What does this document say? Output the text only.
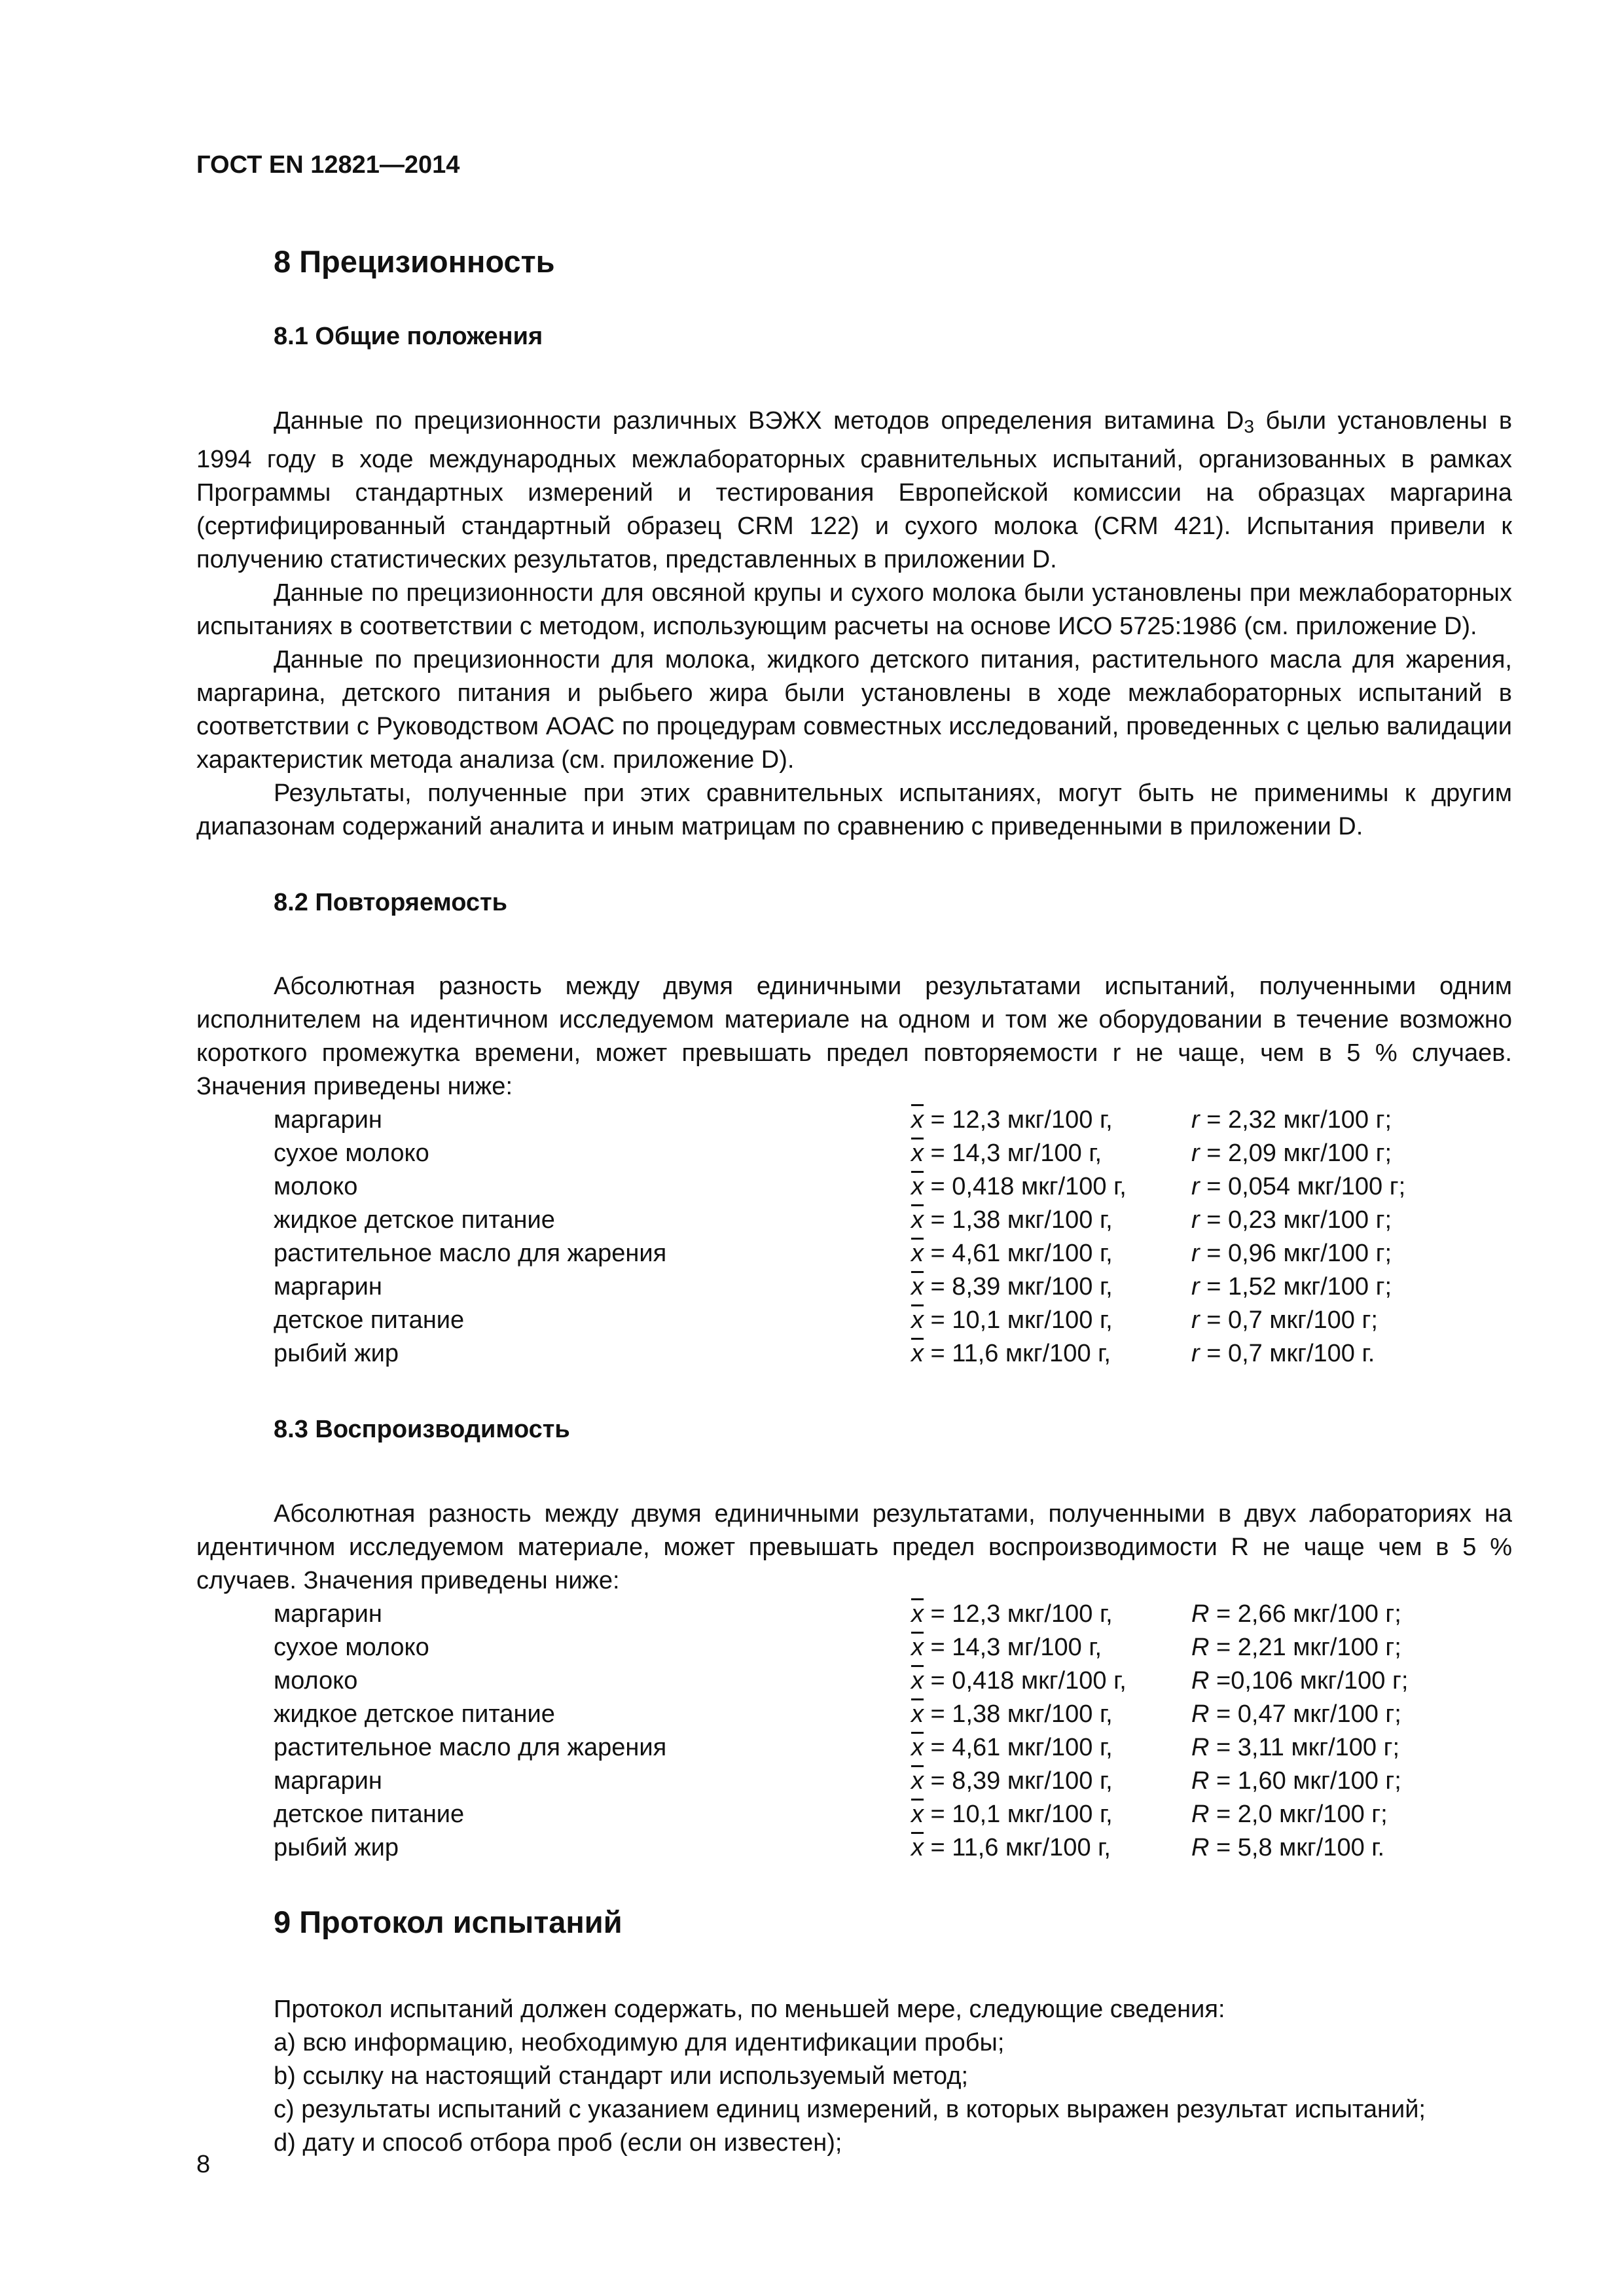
ГОСТ EN 12821—2014
8 Прецизионность
8.1 Общие положения

Данные по прецизионности различных ВЭЖХ методов определения витамина $D_3$ были установлены в 1994 году в ходе международных межлабораторных сравнительных испытаний, организованных в рамках Программы стандартных измерений и тестирования Европейской комиссии на образцах маргарина (сертифицированный стандартный образец CRM 122) и сухого молока (CRM 421). Испытания привели к получению статистических результатов, представленных в приложении D.

Данные по прецизионности для овсяной крупы и сухого молока были установлены при межлабораторных испытаниях в соответствии с методом, использующим расчеты на основе ИСО 5725:1986 (см. приложение D).

Данные по прецизионности для молока, жидкого детского питания, растительного масла для жарения, маргарина, детского питания и рыбьего жира были установлены в ходе межлабораторных испытаний в соответствии с Руководством АОАС по процедурам совместных исследований, проведенных с целью валидации характеристик метода анализа (см. приложение D).

Результаты, полученные при этих сравнительных испытаниях, могут быть не применимы к другим диапазонам содержаний аналита и иным матрицам по сравнению с приведенными в приложении D.

8.2 Повторяемость

Абсолютная разность между двумя единичными результатами испытаний, полученными одним исполнителем на идентичном исследуемом материале на одном и том же оборудовании в течение возможно короткого промежутка времени, может превышать предел повторяемости r не чаще, чем в 5 % случаев. Значения приведены ниже:

маргарин	$\overline{x} = 12,3$ мкг/100 г,	r = 2,32 мкг/100 г;
сухое молоко	$\overline{x} = 14,3$ мг/100 г,	r = 2,09 мкг/100 г;
молоко	$\overline{x} = 0,418$ мкг/100 г,	r = 0,054 мкг/100 г;
жидкое детское питание	$\overline{x} = 1,38$ мкг/100 г,	r = 0,23 мкг/100 г;
растительное масло для жарения	$\overline{x} = 4,61$ мкг/100 г,	r = 0,96 мкг/100 г;
маргарин	$\overline{x} = 8,39$ мкг/100 г,	r = 1,52 мкг/100 г;
детское питание	$\overline{x} = 10,1$ мкг/100 г,	r = 0,7 мкг/100 г;
рыбий жир	$\overline{x} = 11,6$ мкг/100 г,	r = 0,7 мкг/100 г.
8.3 Воспроизводимость

Абсолютная разность между двумя единичными результатами, полученными в двух лабораториях на идентичном исследуемом материале, может превышать предел воспроизводимости R не чаще чем в 5 % случаев. Значения приведены ниже:

маргарин	$\overline{x} = 12,3$ мкг/100 г,	R = 2,66 мкг/100 г;
сухое молоко	$\overline{x} = 14,3$ мг/100 г,	R = 2,21 мкг/100 г;
молоко	$\overline{x} = 0,418$ мкг/100 г,	R =0,106 мкг/100 г;
жидкое детское питание	$\overline{x} = 1,38$ мкг/100 г,	R = 0,47 мкг/100 г;
растительное масло для жарения	$\overline{x} = 4,61$ мкг/100 г,	R = 3,11 мкг/100 г;
маргарин	$\overline{x} = 8,39$ мкг/100 г,	R = 1,60 мкг/100 г;
детское питание	$\overline{x} = 10,1$ мкг/100 г,	R = 2,0 мкг/100 г;
рыбий жир	$\overline{x} = 11,6$ мкг/100 г,	R = 5,8 мкг/100 г.
9 Протокол испытаний

Протокол испытаний должен содержать, по меньшей мере, следующие сведения:

a) всю информацию, необходимую для идентификации пробы;

b) ссылку на настоящий стандарт или используемый метод;

c) результаты испытаний с указанием единиц измерений, в которых выражен результат испытаний;

d) дату и способ отбора проб (если он известен);

8
